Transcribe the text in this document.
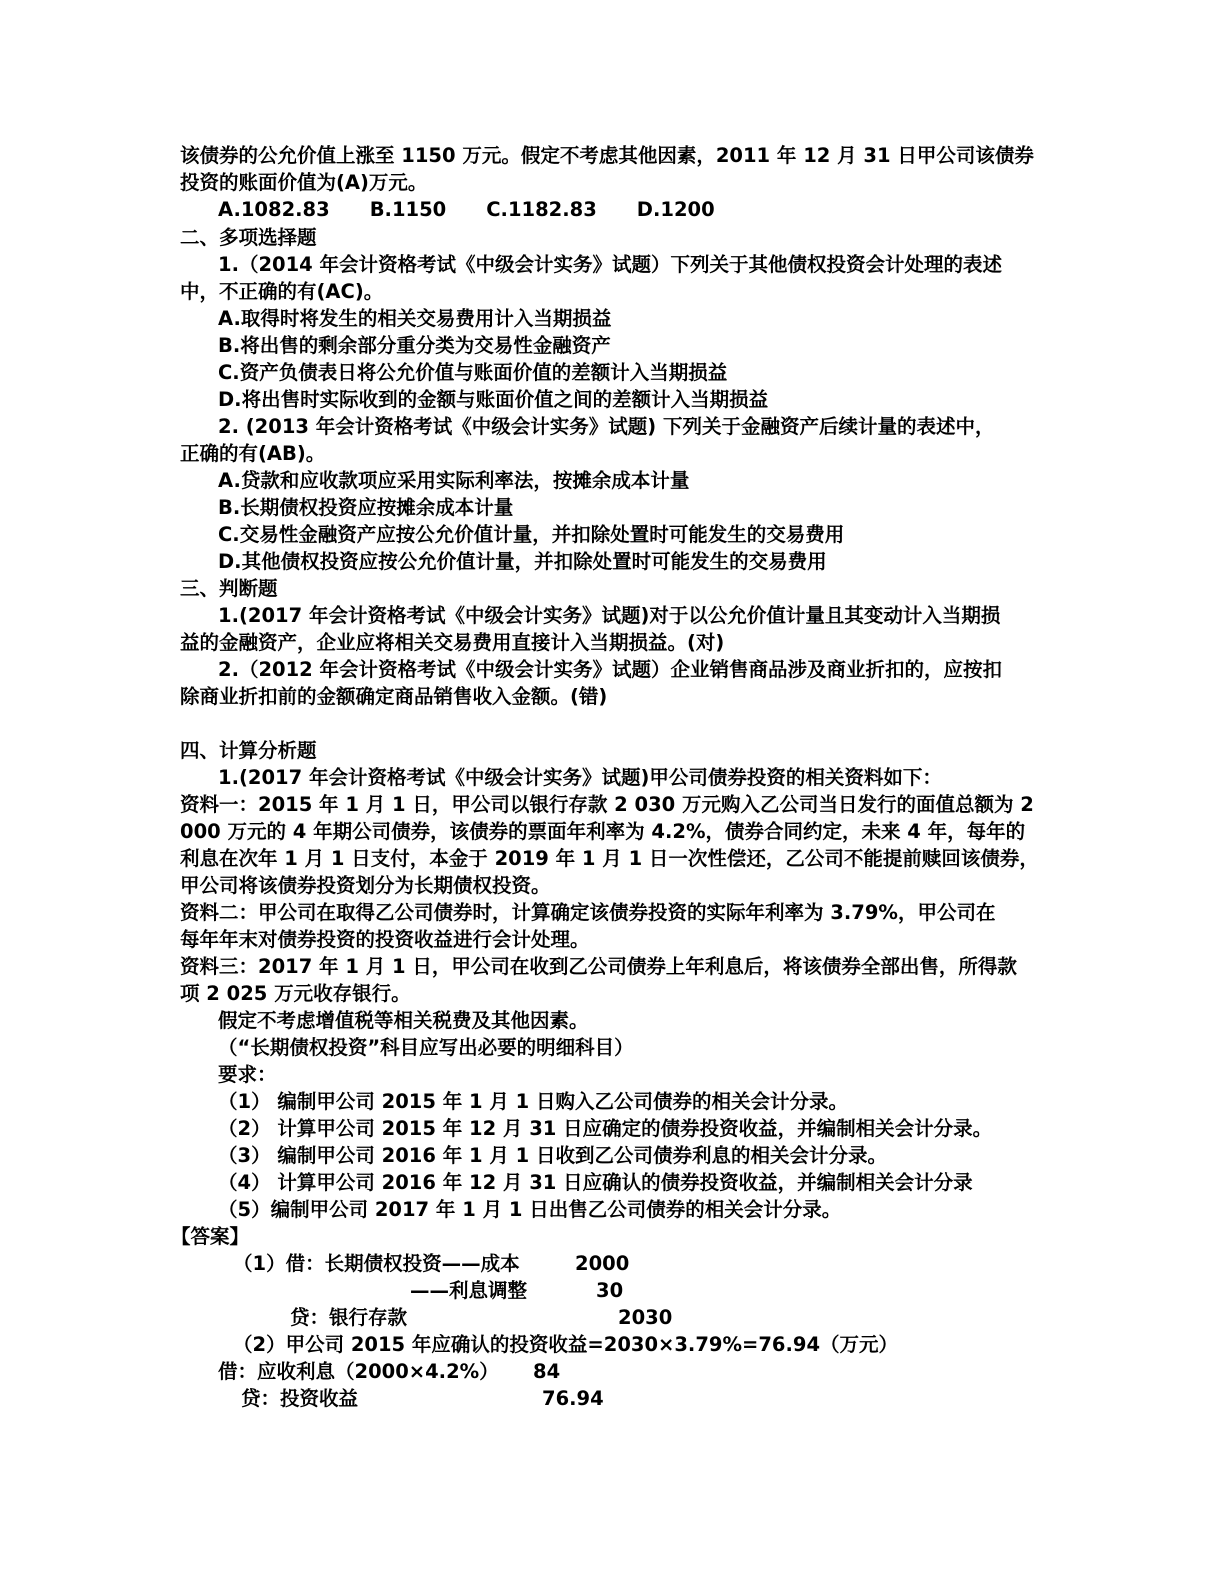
该债券的公允价值上涨至 1150 万元。假定不考虑其他因素，2011 年 12 月 31 日甲公司该债券
投资的账面价值为(A)万元。
A.1082.83 B.1150 C.1182.83 D.1200
二、多项选择题
1.（2014 年会计资格考试《中级会计实务》试题）下列关于其他债权投资会计处理的表述
中，不正确的有(AC)。
A.取得时将发生的相关交易费用计入当期损益
B.将出售的剩余部分重分类为交易性金融资产
C.资产负债表日将公允价值与账面价值的差额计入当期损益
D.将出售时实际收到的金额与账面价值之间的差额计入当期损益
2. (2013 年会计资格考试《中级会计实务》试题) 下列关于金融资产后续计量的表述中，
正确的有(AB)。
A.贷款和应收款项应采用实际利率法，按摊余成本计量
B.长期债权投资应按摊余成本计量
C.交易性金融资产应按公允价值计量，并扣除处置时可能发生的交易费用
D.其他债权投资应按公允价值计量，并扣除处置时可能发生的交易费用
三、判断题
1.(2017 年会计资格考试《中级会计实务》试题)对于以公允价值计量且其变动计入当期损
益的金融资产，企业应将相关交易费用直接计入当期损益。(对)
2.（2012 年会计资格考试《中级会计实务》试题）企业销售商品涉及商业折扣的，应按扣
除商业折扣前的金额确定商品销售收入金额。(错)
四、计算分析题
1.(2017 年会计资格考试《中级会计实务》试题)甲公司债券投资的相关资料如下：
资料一：2015 年 1 月 1 日，甲公司以银行存款 2 030 万元购入乙公司当日发行的面值总额为 2
000 万元的 4 年期公司债券，该债券的票面年利率为 4.2%，债券合同约定，未来 4 年，每年的
利息在次年 1 月 1 日支付，本金于 2019 年 1 月 1 日一次性偿还，乙公司不能提前赎回该债券，
甲公司将该债券投资划分为长期债权投资。
资料二：甲公司在取得乙公司债券时，计算确定该债券投资的实际年利率为 3.79%，甲公司在
每年年末对债券投资的投资收益进行会计处理。
资料三：2017 年 1 月 1 日，甲公司在收到乙公司债券上年利息后，将该债券全部出售，所得款
项 2 025 万元收存银行。
假定不考虑增值税等相关税费及其他因素。
（“长期债权投资”科目应写出必要的明细科目）
要求：
（1） 编制甲公司 2015 年 1 月 1 日购入乙公司债券的相关会计分录。
（2） 计算甲公司 2015 年 12 月 31 日应确定的债券投资收益，并编制相关会计分录。
（3） 编制甲公司 2016 年 1 月 1 日收到乙公司债券利息的相关会计分录。
（4） 计算甲公司 2016 年 12 月 31 日应确认的债券投资收益，并编制相关会计分录
（5）编制甲公司 2017 年 1 月 1 日出售乙公司债券的相关会计分录。
【答案】
（1）借：长期债权投资——成本	2000
——利息调整	30
贷：银行存款	2030
（2）甲公司 2015 年应确认的投资收益=2030×3.79%=76.94（万元）
借：应收利息（2000×4.2%） 84
贷：投资收益	76.94
